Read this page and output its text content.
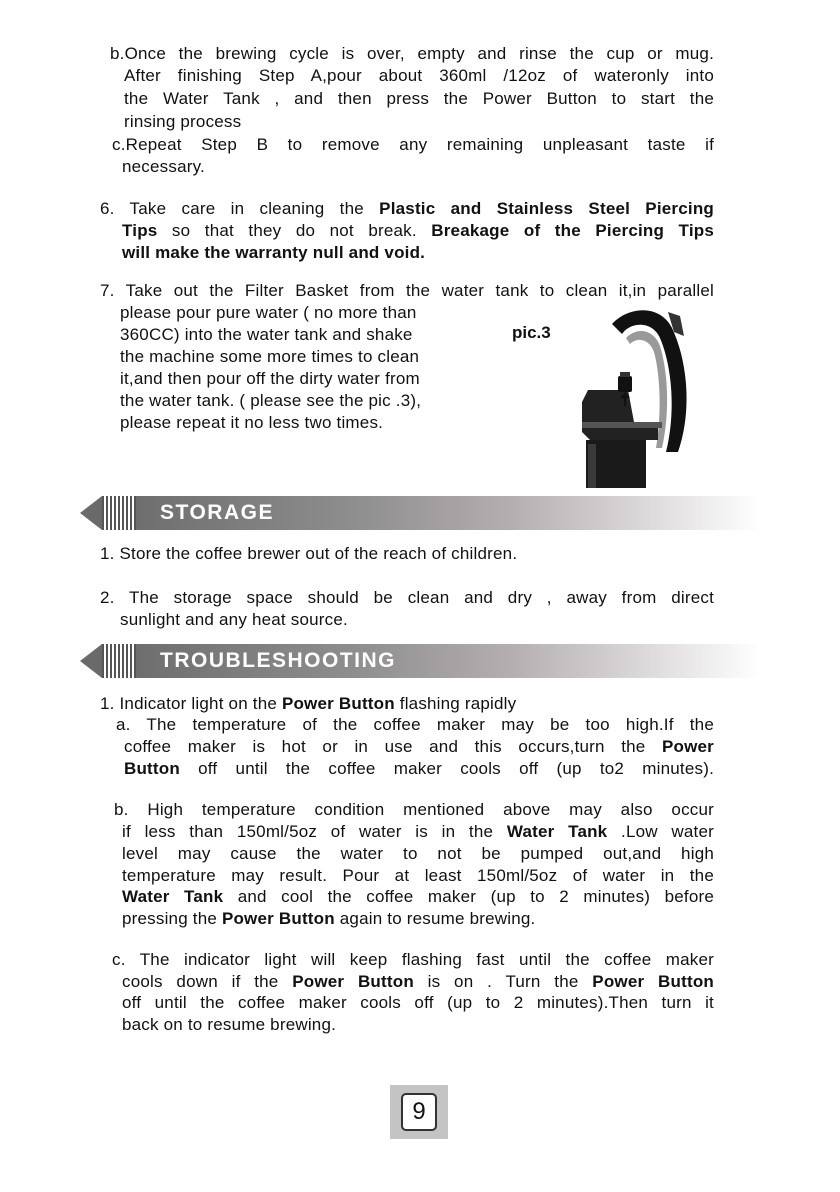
b.Once the brewing cycle is over, empty and rinse the cup or mug.
After finishing Step A,pour about 360ml /12oz of wateronly into
the Water Tank , and then press the Power Button to start the
rinsing process
c.Repeat Step B to remove any remaining unpleasant taste if
necessary.
6. Take care in cleaning the Plastic and Stainless Steel Piercing
Tips so that they do not break. Breakage of the Piercing Tips
will make the warranty null and void.
7. Take out the Filter Basket from the water tank to clean it,in parallel
please pour pure water ( no more than
360CC) into the water tank and shake
the machine some more times to clean
it,and then pour off the dirty water from
the water tank. ( please see the pic .3),
please repeat it no less two times.
pic.3
STORAGE
1. Store the coffee brewer out of the reach of children.
2. The storage space should be clean and dry , away from direct
sunlight and any heat source.
TROUBLESHOOTING
1. Indicator light on the Power Button flashing rapidly
a. The temperature of the coffee maker may be too high.If the
coffee maker is hot or in use and this occurs,turn the Power
Button off until the coffee maker cools off (up to2 minutes).
b. High temperature condition mentioned above may also occur
if less than 150ml/5oz of water is in the Water Tank .Low water
level may cause the water to not be pumped out,and high
temperature may result. Pour at least 150ml/5oz of water in the
Water Tank and cool the coffee maker (up to 2 minutes) before
pressing the Power Button again to resume brewing.
c. The indicator light will keep flashing fast until the coffee maker
cools down if the Power Button is on . Turn the Power Button
off until the coffee maker cools off (up to 2 minutes).Then turn it
back on to resume brewing.
9
